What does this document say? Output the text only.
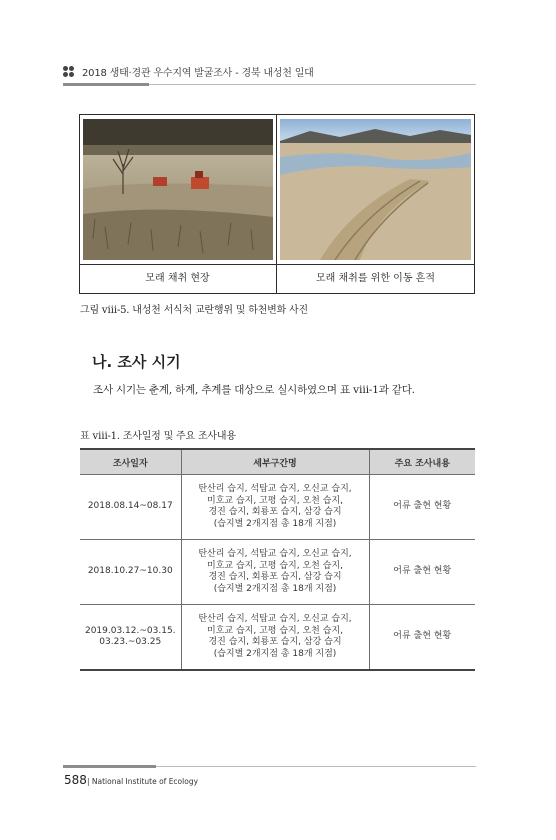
2018 생태·경관 우수지역 발굴조사 - 경북 내성천 일대
모래 채취 현장	모래 채취를 위한 이동 흔적
그림 ⅷ-5. 내성천 서식처 교란행위 및 하천변화 사진
나. 조사 시기
조사 시기는 춘계, 하계, 추계를 대상으로 실시하였으며 표 ⅷ-1과 같다.
표 ⅷ-1. 조사일정 및 주요 조사내용
조사일자	세부구간명	주요 조사내용

2018.08.14~08.17	탄산리 습지, 석탑교 습지, 오신교 습지,
미호교 습지, 고평 습지, 오천 습지,
경진 습지, 회룡포 습지, 삼강 습지
(습지별 2개지점 총 18개 지점)	어류 출현 현황

2018.10.27~10.30	탄산리 습지, 석탑교 습지, 오신교 습지,
미호교 습지, 고평 습지, 오천 습지,
경진 습지, 회룡포 습지, 삼강 습지
(습지별 2개지점 총 18개 지점)	어류 출현 현황

2019.03.12.~03.15.
03.23.~03.25	탄산리 습지, 석탑교 습지, 오신교 습지,
미호교 습지, 고평 습지, 오천 습지,
경진 습지, 회룡포 습지, 삼강 습지
(습지별 2개지점 총 18개 지점)	어류 출현 현황
588 | National Institute of Ecology
